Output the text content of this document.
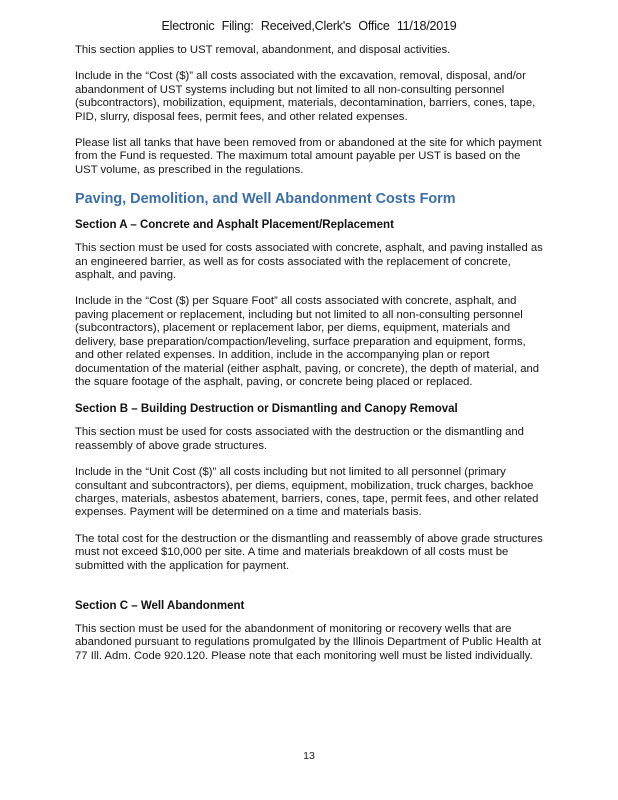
Electronic Filing: Received,Clerk's Office 11/18/2019

This section applies to UST removal, abandonment, and disposal activities.

Include in the “Cost ($)” all costs associated with the excavation, removal, disposal, and/or abandonment of UST systems including but not limited to all non-consulting personnel (subcontractors), mobilization, equipment, materials, decontamination, barriers, cones, tape, PID, slurry, disposal fees, permit fees, and other related expenses.

Please list all tanks that have been removed from or abandoned at the site for which payment from the Fund is requested. The maximum total amount payable per UST is based on the UST volume, as prescribed in the regulations.

Paving, Demolition, and Well Abandonment Costs Form
Section A – Concrete and Asphalt Placement/Replacement

This section must be used for costs associated with concrete, asphalt, and paving installed as an engineered barrier, as well as for costs associated with the replacement of concrete, asphalt, and paving.

Include in the “Cost ($) per Square Foot” all costs associated with concrete, asphalt, and paving placement or replacement, including but not limited to all non-consulting personnel (subcontractors), placement or replacement labor, per diems, equipment, materials and delivery, base preparation/compaction/leveling, surface preparation and equipment, forms, and other related expenses. In addition, include in the accompanying plan or report documentation of the material (either asphalt, paving, or concrete), the depth of material, and the square footage of the asphalt, paving, or concrete being placed or replaced.

Section B – Building Destruction or Dismantling and Canopy Removal

This section must be used for costs associated with the destruction or the dismantling and reassembly of above grade structures.

Include in the “Unit Cost ($)” all costs including but not limited to all personnel (primary consultant and subcontractors), per diems, equipment, mobilization, truck charges, backhoe charges, materials, asbestos abatement, barriers, cones, tape, permit fees, and other related expenses. Payment will be determined on a time and materials basis.

The total cost for the destruction or the dismantling and reassembly of above grade structures must not exceed $10,000 per site. A time and materials breakdown of all costs must be submitted with the application for payment.

Section C – Well Abandonment

This section must be used for the abandonment of monitoring or recovery wells that are abandoned pursuant to regulations promulgated by the Illinois Department of Public Health at 77 Ill. Adm. Code 920.120. Please note that each monitoring well must be listed individually.

13
